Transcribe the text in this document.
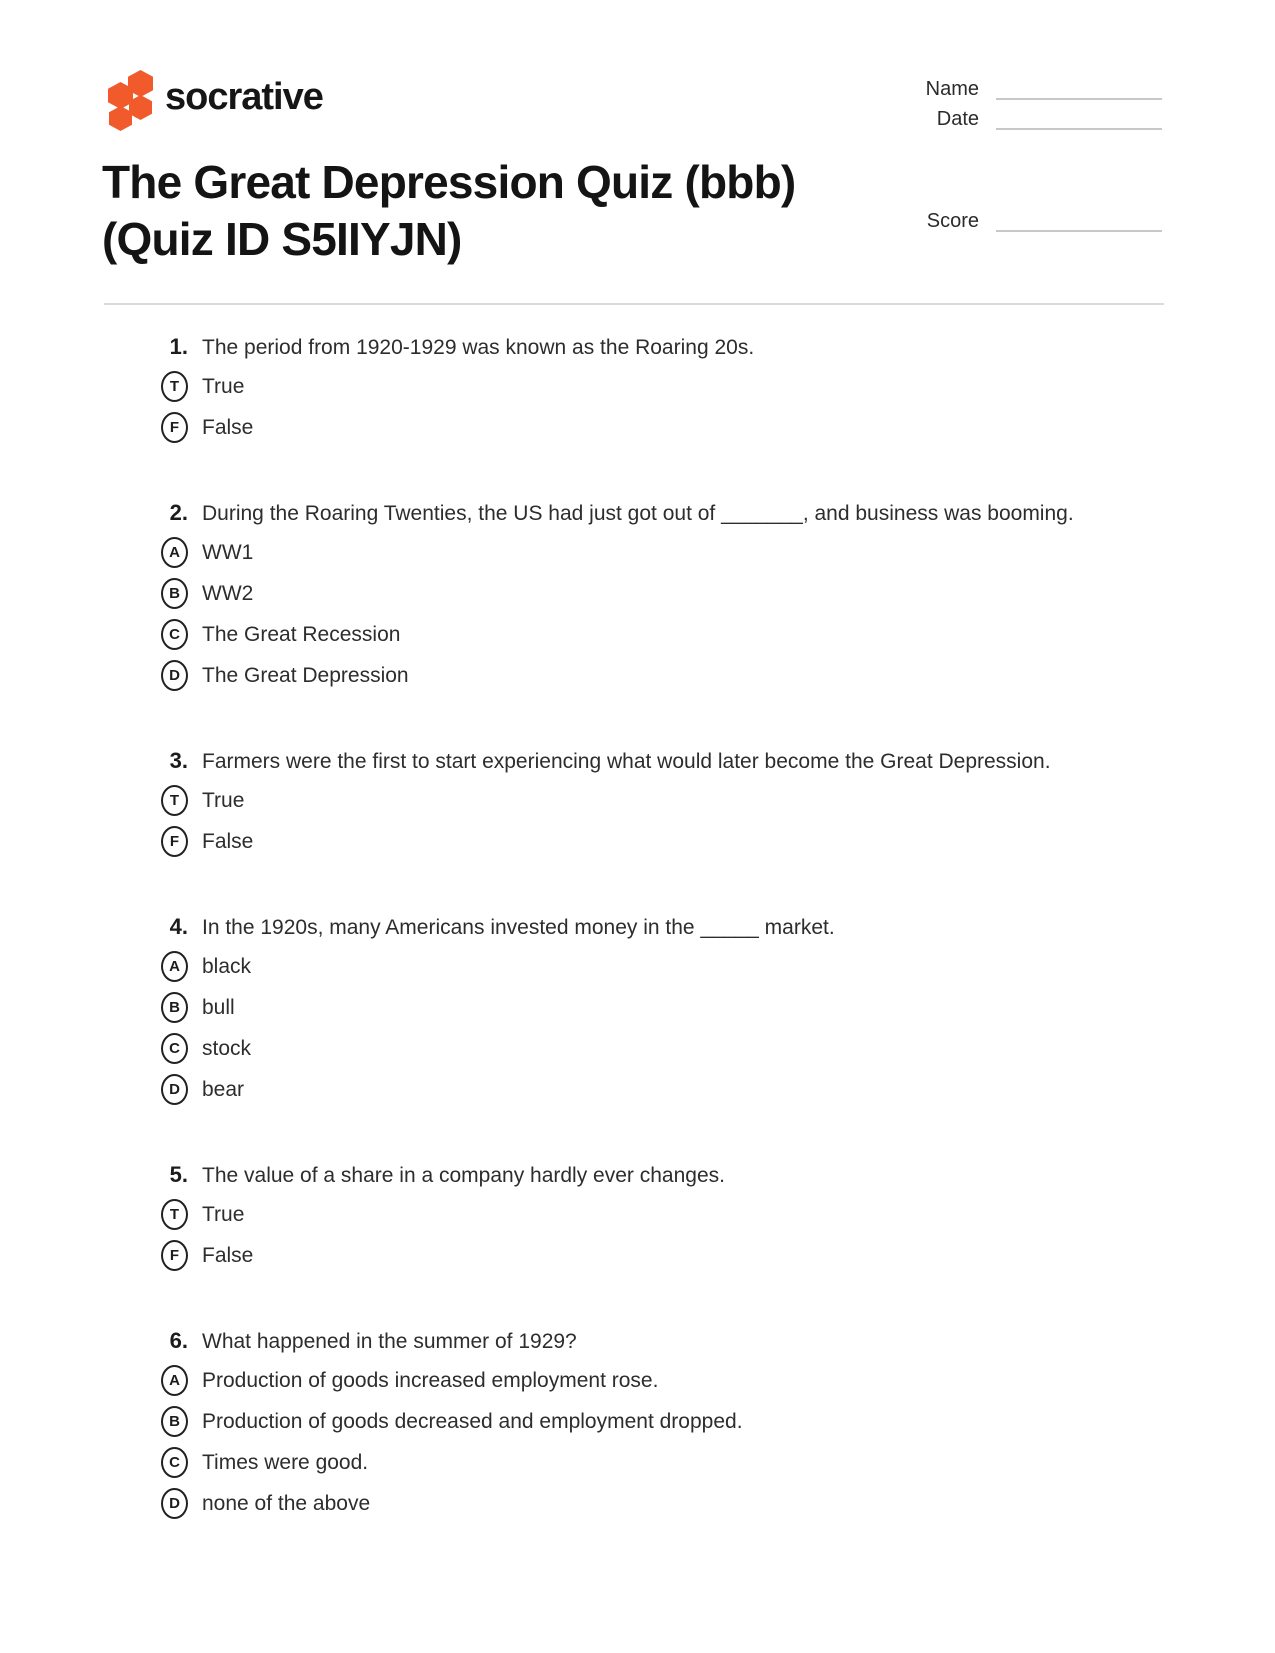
socrative	Name
Date
The Great Depression Quiz (bbb)
(Quiz ID S5IIYJN)	Score
1. The period from 1920-1929 was known as the Roaring 20s.
T True
F False
2. During the Roaring Twenties, the US had just got out of _______, and business was booming.
A WW1
B WW2
C The Great Recession
D The Great Depression
3. Farmers were the first to start experiencing what would later become the Great Depression.
T True
F False
4. In the 1920s, many Americans invested money in the _____ market.
A black
B bull
C stock
D bear
5. The value of a share in a company hardly ever changes.
T True
F False
6. What happened in the summer of 1929?
A Production of goods increased employment rose.
B Production of goods decreased and employment dropped.
C Times were good.
D none of the above
